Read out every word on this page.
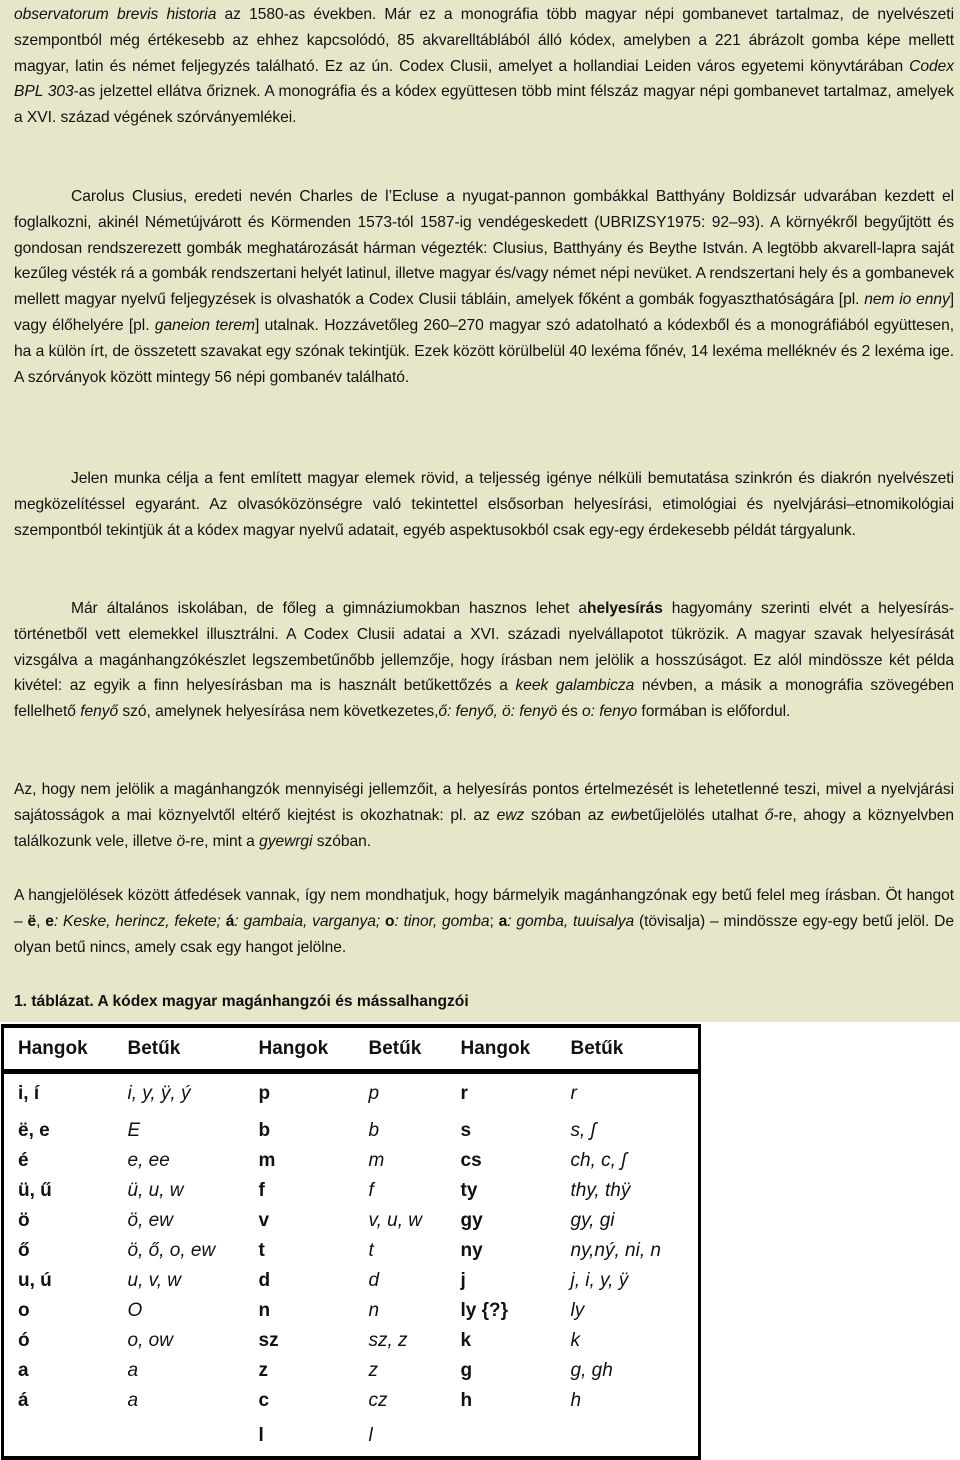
observatorum brevis historia az 1580-as években. Már ez a monográfia több magyar népi gombanevet tartalmaz, de nyelvészeti szempontból még értékesebb az ehhez kapcsolódó, 85 akvarelltáblából álló kódex, amelyben a 221 ábrázolt gomba képe mellett magyar, latin és német feljegyzés található. Ez az ún. Codex Clusii, amelyet a hollandiai Leiden város egyetemi könyvtárában Codex BPL 303-as jelzettel ellátva őriznek. A monográfia és a kódex együttesen több mint félszáz magyar népi gombanevet tartalmaz, amelyek a XVI. század végének szórványemlékei.

Carolus Clusius, eredeti nevén Charles de l’Ecluse a nyugat-pannon gombákkal Batthyány Boldizsár udvarában kezdett el foglalkozni, akinél Németújvárott és Körmenden 1573-tól 1587-ig vendégeskedett (UBRIZSY1975: 92–93). A környékről begyűjtött és gondosan rendszerezett gombák meghatározását hárman végezték: Clusius, Batthyány és Beythe István. A legtöbb akvarell-lapra saját kezűleg vésték rá a gombák rendszertani helyét latinul, illetve magyar és/vagy német népi nevüket. A rendszertani hely és a gombanevek mellett magyar nyelvű feljegyzések is olvashatók a Codex Clusii tábláin, amelyek főként a gombák fogyaszthatóságára [pl. nem io enny] vagy élőhelyére [pl. ganeion terem] utalnak. Hozzávetőleg 260–270 magyar szó adatolható a kódexből és a monográfiából együttesen, ha a külön írt, de összetett szavakat egy szónak tekintjük. Ezek között körülbelül 40 lexéma főnév, 14 lexéma melléknév és 2 lexéma ige. A szórványok között mintegy 56 népi gombanév található.

Jelen munka célja a fent említett magyar elemek rövid, a teljesség igénye nélküli bemutatása szinkrón és diakrón nyelvészeti megközelítéssel egyaránt. Az olvasóközönségre való tekintettel elsősorban helyesírási, etimológiai és nyelvjárási–etnomikológiai szempontból tekintjük át a kódex magyar nyelvű adatait, egyéb aspektusokból csak egy-egy érdekesebb példát tárgyalunk.

Már általános iskolában, de főleg a gimnáziumokban hasznos lehet ahelyesírás hagyomány szerinti elvét a helyesírás-történetből vett elemekkel illusztrálni. A Codex Clusii adatai a XVI. századi nyelvállapotot tükrözik. A magyar szavak helyesírását vizsgálva a magánhangzókészlet legszembetűnőbb jellemzője, hogy írásban nem jelölik a hosszúságot. Ez alól mindössze két példa kivétel: az egyik a finn helyesírásban ma is használt betűkettőzés a keek galambicza névben, a másik a monográfia szövegében fellelhető fenyő szó, amelynek helyesírása nem következetes,ő: fenyő, ö: fenyö és o: fenyo formában is előfordul.

Az, hogy nem jelölik a magánhangzók mennyiségi jellemzőit, a helyesírás pontos értelmezését is lehetetlenné teszi, mivel a nyelvjárási sajátosságok a mai köznyelvtől eltérő kiejtést is okozhatnak: pl. az ewz szóban az ewbetűjelölés utalhat ő-re, ahogy a köznyelvben találkozunk vele, illetve ö-re, mint a gyewrgi szóban.

A hangjelölések között átfedések vannak, így nem mondhatjuk, hogy bármelyik magánhangzónak egy betű felel meg írásban. Öt hangot – ë, e: Keske, herincz, fekete; á: gambaia, varganya; o: tinor, gomba; a: gomba, tuuisalya (tövisalja) – mindössze egy-egy betű jelöl. De olyan betű nincs, amely csak egy hangot jelölne.

1. táblázat. A kódex magyar magánhangzói és mássalhangzói

Hangok	Betűk	Hangok	Betűk	Hangok	Betűk
i, í	i, y, ÿ, ý	p	p	r	r
ë, e	E	b	b	s	s, ʃ
é	e, ee	m	m	cs	ch, c, ʃ
ü, ű	ü, u, w	f	f	ty	thy, thÿ
ö	ö, ew	v	v, u, w	gy	gy, gi
ő	ö, ő, o, ew	t	t	ny	ny,ný, ni, n
u, ú	u, v, w	d	d	j	j, i, y, ÿ
o	O	n	n	ly {?}	ly
ó	o, ow	sz	sz, z	k	k
a	a	z	z	g	g, gh
á	a	c	cz	h	h
		l	l		
